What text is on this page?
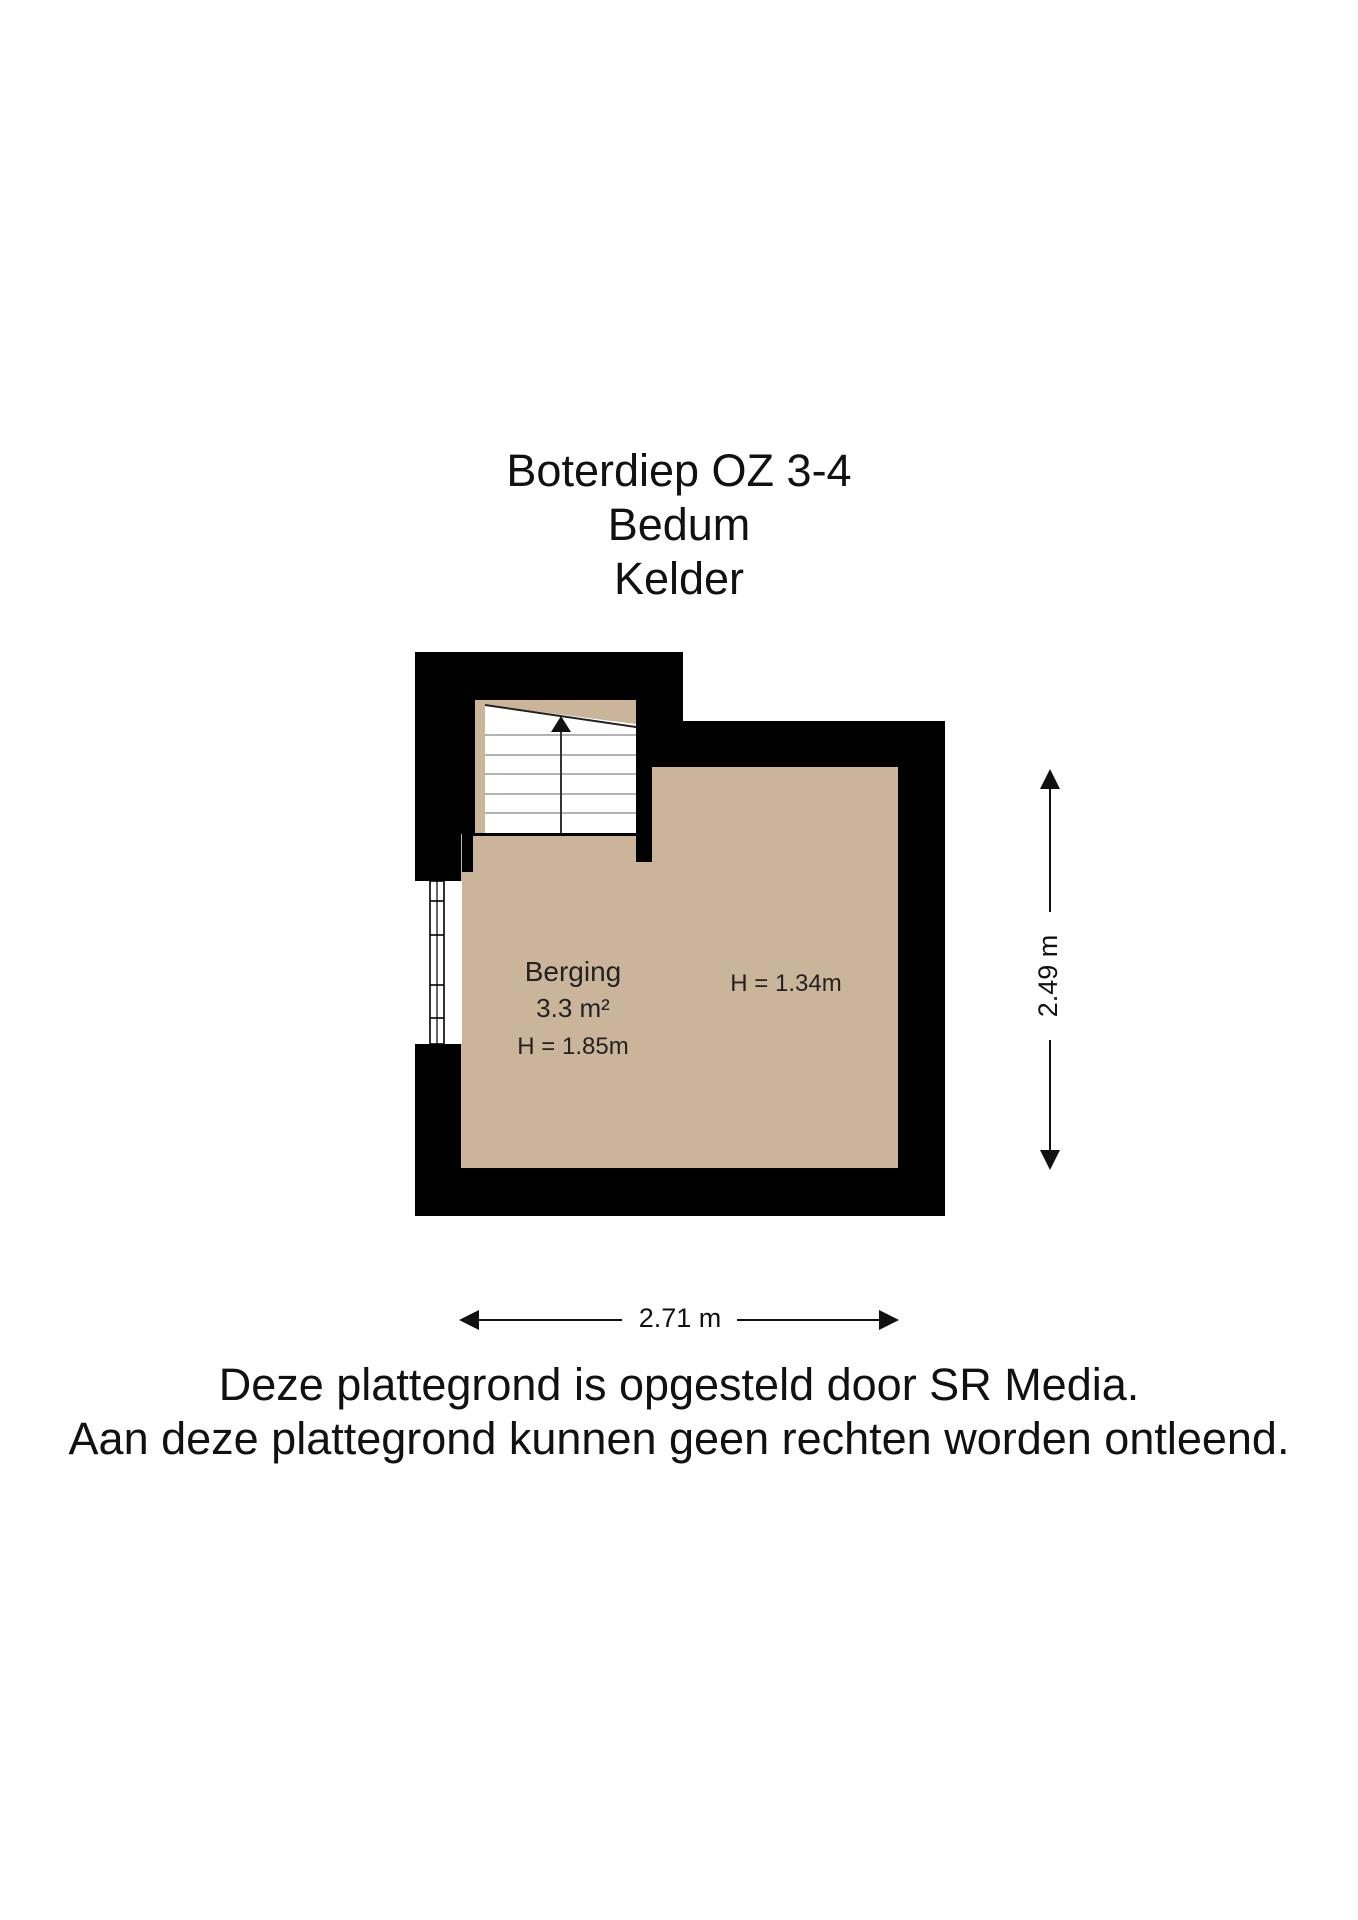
Boterdiep OZ 3-4

Bedum

Kelder

Berging
3.3 m²
H = 1.85m
H = 1.34m	2.49 m
2.71 m

Deze plattegrond is opgesteld door SR Media.

Aan deze plattegrond kunnen geen rechten worden ontleend.
